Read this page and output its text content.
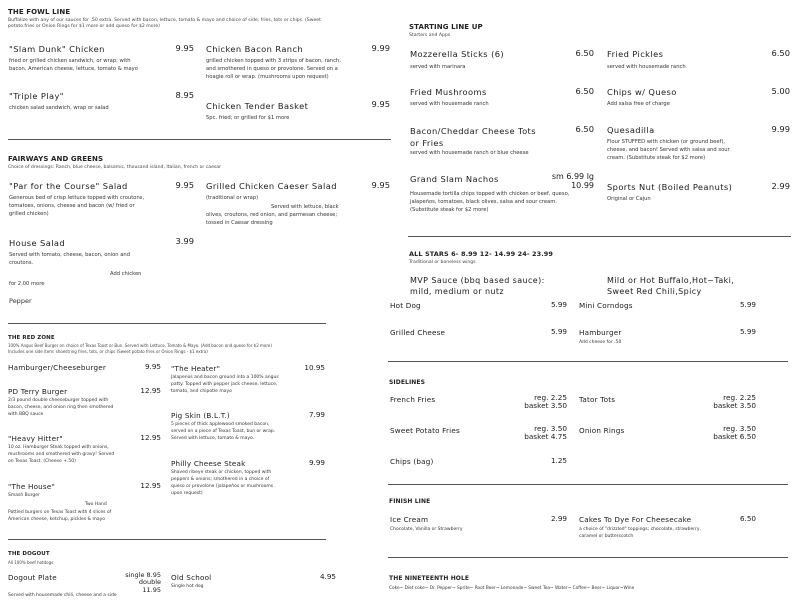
THE FOWL LINE
Buffalize with any of our sauces for .50 extra. Served with bacon, lettuce, tomato & mayo and choice of side; fries, tots or chips. (Sweet potato fries or Onion Rings for $1 more or add queso for $2 more)
"Slam Dunk" Chicken	9.95
fried or grilled chicken sandwich, or wrap; with bacon, American cheese, lettuce, tomato & mayo
Chicken Bacon Ranch	9.99
grilled chicken topped with 3 strips of bacon, ranch, and smothered in queso or provolone. Served on a hoagie roll or wrap. (mushrooms upon request)
"Triple Play"	8.95
chicken salad sandwich, wrap or salad	Chicken Tender Basket	9.95
5pc. fried; or grilled for $1 more
FAIRWAYS AND GREENS
Choice of dressings: Ranch, blue cheese, balsamic, thousand island, Italian, french or caesar
"Par for the Course" Salad	9.95
Generous bed of crisp lettuce topped with croutons, tomatoes, onions, cheese and bacon (w/ fried or grilled chicken)
Grilled Chicken Caeser Salad	9.95
(traditional or wrap)
Served with lettuce, black olives, croutons, red onion, and parmesan cheese; tossed in Caesar dressing
House Salad	3.99
Served with tomato, cheese, bacon, onion and croutons.
Add chicken
for 2.00 more
Pepper
THE RED ZONE
100% Angus Beef Burger on choice of Texas Toast or Bun. Served with Lettuce, Tomato & Mayo. (Add bacon and queso for $2 more) Includes one side item: shoestring fries, tots, or chips (Sweet potato fries or Onion Rings - $1 extra)
Hamburger/Cheeseburger	9.95
PD Terry Burger	12.95
2/3 pound double cheeseburger topped with bacon, cheese, and onion ring then smothered with BBQ sauce
"Heavy Hitter"	12.95
10 oz. Hamburger Steak topped with onions, mushrooms and smothered with gravy! Served on Texas Toast. (Cheese +.50)
"The House"	12.95
Smash Burger
Two Hand
Pattied burgers on Texas Toast with 4 slices of American cheese, ketchup, pickles & mayo
"The Heater"	10.95
Jalapenos and bacon ground into a 100% angus patty. Topped with pepper jack cheese, lettuce, tomato, and chipotle mayo
Pig Skin (B.L.T.)	7.99
5 pieces of thick applewood smoked bacon, served on a piece of Texas Toast, bun or wrap. Served with lettuce, tomato & mayo.
Philly Cheese Steak	9.99
Shaved ribeye steak or chicken, topped with peppers & onions; smothered in a choice of queso or provolone (jalapeños or mushrooms upon request)
THE DOGOUT
All 100% beef hotdogs
Dogout Plate	single 8.95
double
11.95
Served with housemade chili, cheese and a side
Old School	4.95
Single hot dog
STARTING LINE UP
Starters and Apps
Mozzerella Sticks (6)	6.50
served with marinara
Fried Pickles	6.50
served with housemade ranch
Fried Mushrooms	6.50
served with housemade ranch
Chips w/ Queso	5.00
Add salsa free of charge
Bacon/Cheddar Cheese Tots or Fries
6.50
served with housemade ranch or blue cheese
Quesadilla	9.99
Flour STUFFED with chicken (or ground beef), cheese, and bacon! Served with salsa and sour cream. (Substitute steak for $2 more)
Grand Slam Nachos	sm 6.99 lg
10.99
Housemade tortilla chips topped with chicken or beef, queso, jalapeños, tomatoes, black olives, salsa and sour cream. (Substitute steak for $2 more)
Sports Nut (Boiled Peanuts)	2.99
Original or Cajun
ALL STARS 6- 8.99 12- 14.99 24- 23.99
Traditional or boneless wings
MVP Sauce (bbq based sauce): mild, medium or nutz
Mild or Hot Buffalo,Hot~Taki, Sweet Red Chili,Spicy
Hot Dog	5.99 Mini Corndogs	5.99
Grilled Cheese	5.99 Hamburger	5.99
Add cheese for .50
SIDELINES
French Fries	reg. 2.25
basket 3.50
Tator Tots	reg. 2.25
basket 3.50
Sweet Potato Fries	reg. 3.50
basket 4.75
Onion Rings	reg. 3.50
basket 6.50
Chips (bag)	1.25
FINISH LINE
Ice Cream	2.99
Chocolate, Vanilla or Strawberry
Cakes To Dye For Cheesecake	6.50
a choice of "drizzled" toppings; chocolate, strawberry, caramel or butterscotch
THE NINETEENTH HOLE
Coke~ Diet coke~ Dr. Pepper~ Sprite~ Root Beer~ Lemonade~ Sweet Tea~ Water~ Coffee~ Beer~ Liquor~Wine
